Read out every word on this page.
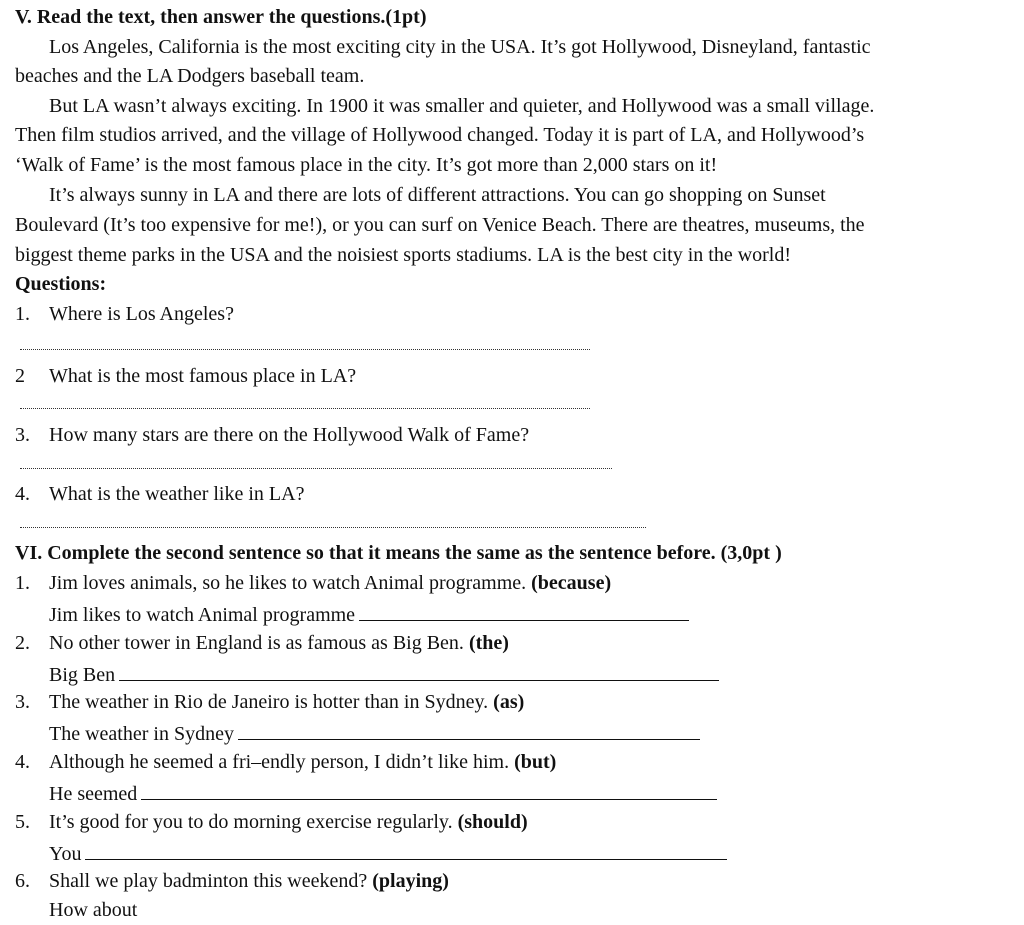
V. Read the text, then answer the questions.(1pt)
Los Angeles, California is the most exciting city in the USA. It’s got Hollywood, Disneyland, fantastic
beaches and the LA Dodgers baseball team.
But LA wasn’t always exciting. In 1900 it was smaller and quieter, and Hollywood was a small village.
Then film studios arrived, and the village of Hollywood changed. Today it is part of LA, and Hollywood’s
‘Walk of Fame’ is the most famous place in the city. It’s got more than 2,000 stars on it!
It’s always sunny in LA and there are lots of different attractions. You can go shopping on Sunset
Boulevard (It’s too expensive for me!), or you can surf on Venice Beach. There are theatres, museums, the
biggest theme parks in the USA and the noisiest sports stadiums. LA is the best city in the world!
Questions:
1. Where is Los Angeles?
2 What is the most famous place in LA?
3. How many stars are there on the Hollywood Walk of Fame?
4. What is the weather like in LA?
VI. Complete the second sentence so that it means the same as the sentence before. (3,0pt )
1. Jim loves animals, so he likes to watch Animal programme. (because)
Jim likes to watch Animal programme
2. No other tower in England is as famous as Big Ben. (the)
Big Ben
3. The weather in Rio de Janeiro is hotter than in Sydney. (as)
The weather in Sydney
4. Although he seemed a fri–endly person, I didn’t like him. (but)
He seemed
5. It’s good for you to do morning exercise regularly. (should)
You
6. Shall we play badminton this weekend? (playing)
How about
